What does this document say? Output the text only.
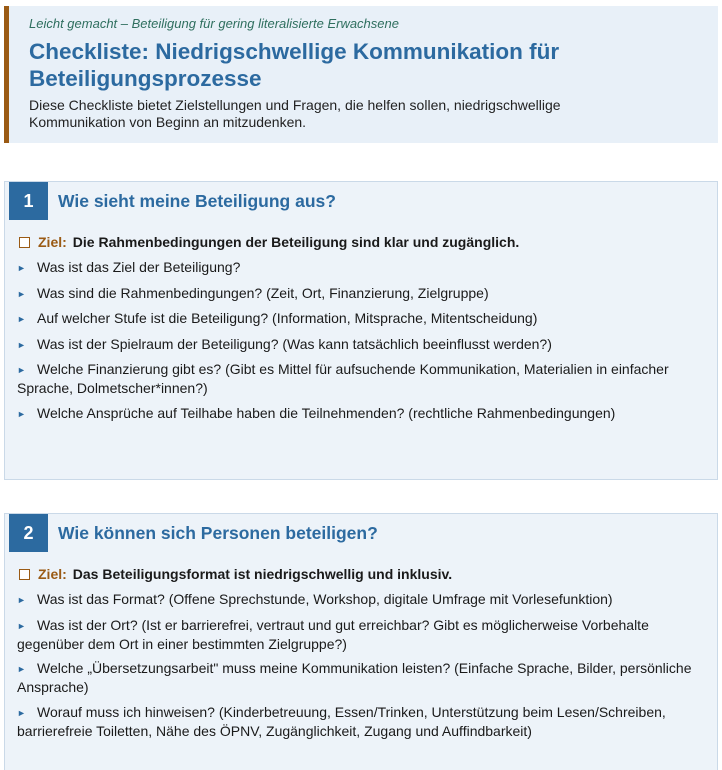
Leicht gemacht – Beteiligung für gering literalisierte Erwachsene
Checkliste: Niedrigschwellige Kommunikation für
Beteiligungsprozesse
Diese Checkliste bietet Zielstellungen und Fragen, die helfen sollen, niedrigschwellige
Kommunikation von Beginn an mitzudenken.
1	Wie sieht meine Beteiligung aus?
Ziel: Die Rahmenbedingungen der Beteiligung sind klar und zugänglich.
► Was ist das Ziel der Beteiligung?
► Was sind die Rahmenbedingungen? (Zeit, Ort, Finanzierung, Zielgruppe)
► Auf welcher Stufe ist die Beteiligung? (Information, Mitsprache, Mitentscheidung)
► Was ist der Spielraum der Beteiligung? (Was kann tatsächlich beeinflusst werden?)
► Welche Finanzierung gibt es? (Gibt es Mittel für aufsuchende Kommunikation, Materialien in einfacher Sprache, Dolmetscher*innen?)
► Welche Ansprüche auf Teilhabe haben die Teilnehmenden? (rechtliche Rahmenbedingungen)
2	Wie können sich Personen beteiligen?
Ziel: Das Beteiligungsformat ist niedrigschwellig und inklusiv.
► Was ist das Format? (Offene Sprechstunde, Workshop, digitale Umfrage mit Vorlesefunktion)
► Was ist der Ort? (Ist er barrierefrei, vertraut und gut erreichbar? Gibt es möglicherweise Vorbehalte gegenüber dem Ort in einer bestimmten Zielgruppe?)
► Welche „Übersetzungsarbeit" muss meine Kommunikation leisten? (Einfache Sprache, Bilder, persönliche Ansprache)
► Worauf muss ich hinweisen? (Kinderbetreuung, Essen/Trinken, Unterstützung beim Lesen/Schreiben, barrierefreie Toiletten, Nähe des ÖPNV, Zugänglichkeit, Zugang und Auffindbarkeit)
